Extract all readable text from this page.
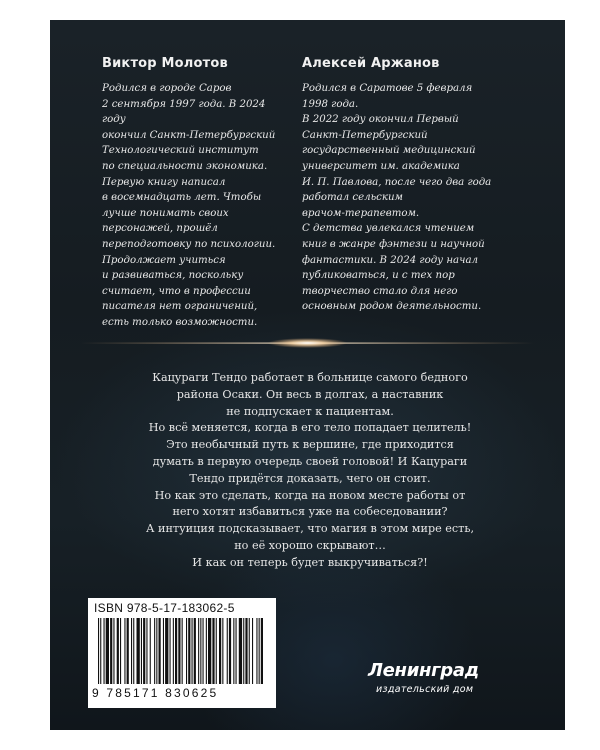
Виктор Молотов

Родился в городе Саров

2 сентября 1997 года. В 2024 году

окончил Санкт-Петербургский

Технологический институт

по специальности экономика.

Первую книгу написал

в восемнадцать лет. Чтобы

лучше понимать своих

персонажей, прошёл

переподготовку по психологии.

Продолжает учиться

и развиваться, поскольку

считает, что в профессии

писателя нет ограничений,

есть только возможности.

Алексей Аржанов

Родился в Саратове 5 февраля

1998 года.

В 2022 году окончил Первый

Санкт-Петербургский

государственный медицинский

университет им. академика

И. П. Павлова, после чего два года

работал сельским

врачом-терапевтом.

С детства увлекался чтением

книг в жанре фэнтези и научной

фантастики. В 2024 году начал

публиковаться, и с тех пор

творчество стало для него

основным родом деятельности.

Кацураги Тендо работает в больнице самого бедного

района Осаки. Он весь в долгах, а наставник

не подпускает к пациентам.

Но всё меняется, когда в его тело попадает целитель!

Это необычный путь к вершине, где приходится

думать в первую очередь своей головой! И Кацураги

Тендо придётся доказать, чего он стоит.

Но как это сделать, когда на новом месте работы от

него хотят избавиться уже на собеседовании?

А интуиция подсказывает, что магия в этом мире есть,

но её хорошо скрывают…

И как он теперь будет выкручиваться?!

ISBN 978-5-17-183062-5
9 785171 830625
Ленинград
издательский дом
